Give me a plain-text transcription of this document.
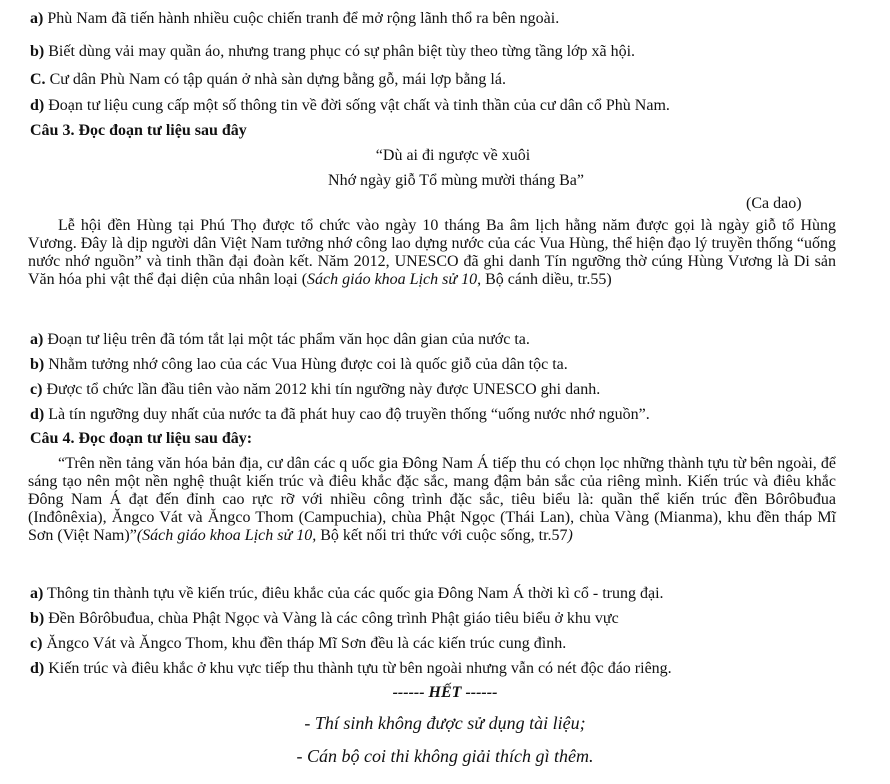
a) Phù Nam đã tiến hành nhiều cuộc chiến tranh để mở rộng lãnh thổ ra bên ngoài.
b) Biết dùng vải may quần áo, nhưng trang phục có sự phân biệt tùy theo từng tầng lớp xã hội.
C. Cư dân Phù Nam có tập quán ở nhà sàn dựng bằng gỗ, mái lợp bằng lá.
d) Đoạn tư liệu cung cấp một số thông tin về đời sống vật chất và tinh thần của cư dân cổ Phù Nam.
Câu 3. Đọc đoạn tư liệu sau đây
“Dù ai đi ngược về xuôi
Nhớ ngày giỗ Tổ mùng mười tháng Ba”
(Ca dao)
Lễ hội đền Hùng tại Phú Thọ được tổ chức vào ngày 10 tháng Ba âm lịch hằng năm được gọi là ngày giỗ tổ Hùng Vương. Đây là dịp người dân Việt Nam tưởng nhớ công lao dựng nước của các Vua Hùng, thể hiện đạo lý truyền thống “uống nước nhớ nguồn” và tinh thần đại đoàn kết. Năm 2012, UNESCO đã ghi danh Tín ngưỡng thờ cúng Hùng Vương là Di sản Văn hóa phi vật thể đại diện của nhân loại (Sách giáo khoa Lịch sử 10, Bộ cánh diều, tr.55)
a) Đoạn tư liệu trên đã tóm tắt lại một tác phẩm văn học dân gian của nước ta.
b) Nhằm tưởng nhớ công lao của các Vua Hùng được coi là quốc giỗ của dân tộc ta.
c) Được tổ chức lần đầu tiên vào năm 2012 khi tín ngưỡng này được UNESCO ghi danh.
d) Là tín ngưỡng duy nhất của nước ta đã phát huy cao độ truyền thống “uống nước nhớ nguồn”.
Câu 4. Đọc đoạn tư liệu sau đây:
“Trên nền tảng văn hóa bản địa, cư dân các q uốc gia Đông Nam Á tiếp thu có chọn lọc những thành tựu từ bên ngoài, để sáng tạo nên một nền nghệ thuật kiến trúc và điêu khắc đặc sắc, mang đậm bản sắc của riêng mình. Kiến trúc và điêu khắc Đông Nam Á đạt đến đỉnh cao rực rỡ với nhiều công trình đặc sắc, tiêu biểu là: quần thể kiến trúc đền Bôrôbuđua (Inđônêxia), Ăngco Vát và Ăngco Thom (Campuchia), chùa Phật Ngọc (Thái Lan), chùa Vàng (Mianma), khu đền tháp Mĩ Sơn (Việt Nam)”(Sách giáo khoa Lịch sử 10, Bộ kết nối tri thức với cuộc sống, tr.57)
a) Thông tin thành tựu về kiến trúc, điêu khắc của các quốc gia Đông Nam Á thời kì cổ - trung đại.
b) Đền Bôrôbuđua, chùa Phật Ngọc và Vàng là các công trình Phật giáo tiêu biểu ở khu vực
c) Ăngco Vát và Ăngco Thom, khu đền tháp Mĩ Sơn đều là các kiến trúc cung đình.
d) Kiến trúc và điêu khắc ở khu vực tiếp thu thành tựu từ bên ngoài nhưng vẫn có nét độc đáo riêng.
------ HẾT ------
- Thí sinh không được sử dụng tài liệu;
- Cán bộ coi thi không giải thích gì thêm.
